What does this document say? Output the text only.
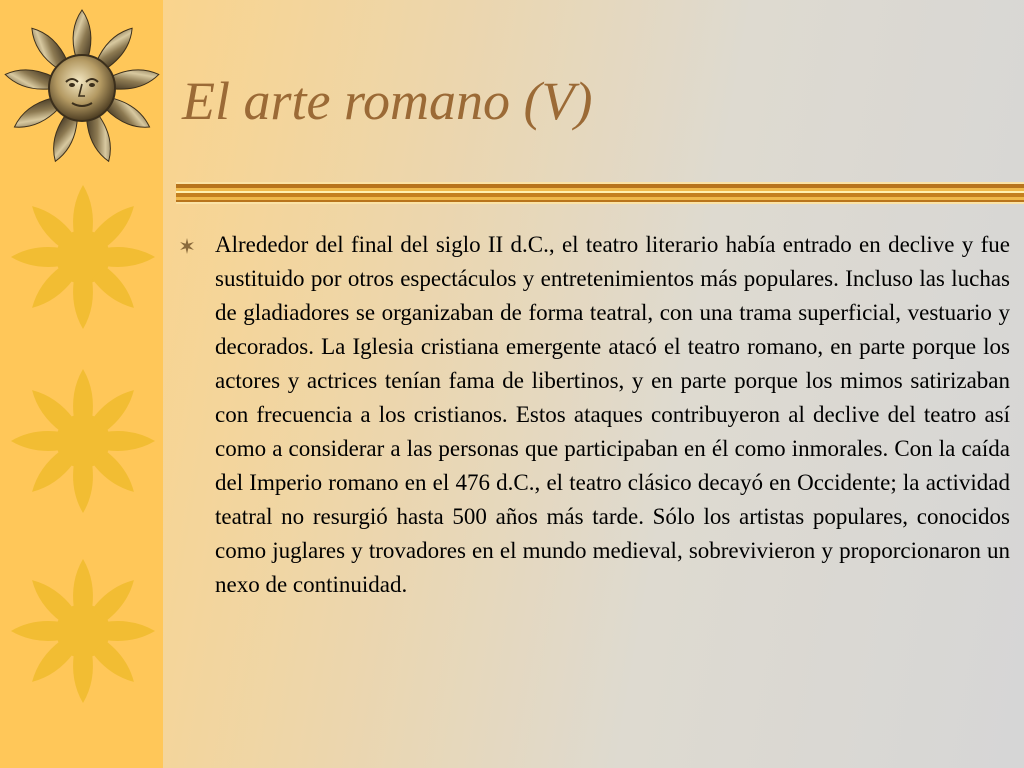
El arte romano (V)

Alrededor del final del siglo II d.C., el teatro literario había entrado en declive y fue sustituido por otros espectáculos y entretenimientos más populares. Incluso las luchas de gladiadores se organizaban de forma teatral, con una trama superficial, vestuario y decorados. La Iglesia cristiana emergente atacó el teatro romano, en parte porque los actores y actrices tenían fama de libertinos, y en parte porque los mimos satirizaban con frecuencia a los cristianos. Estos ataques contribuyeron al declive del teatro así como a considerar a las personas que participaban en él como inmorales. Con la caída del Imperio romano en el 476 d.C., el teatro clásico decayó en Occidente; la actividad teatral no resurgió hasta 500 años más tarde. Sólo los artistas populares, conocidos como juglares y trovadores en el mundo medieval, sobrevivieron y proporcionaron un nexo de continuidad.
